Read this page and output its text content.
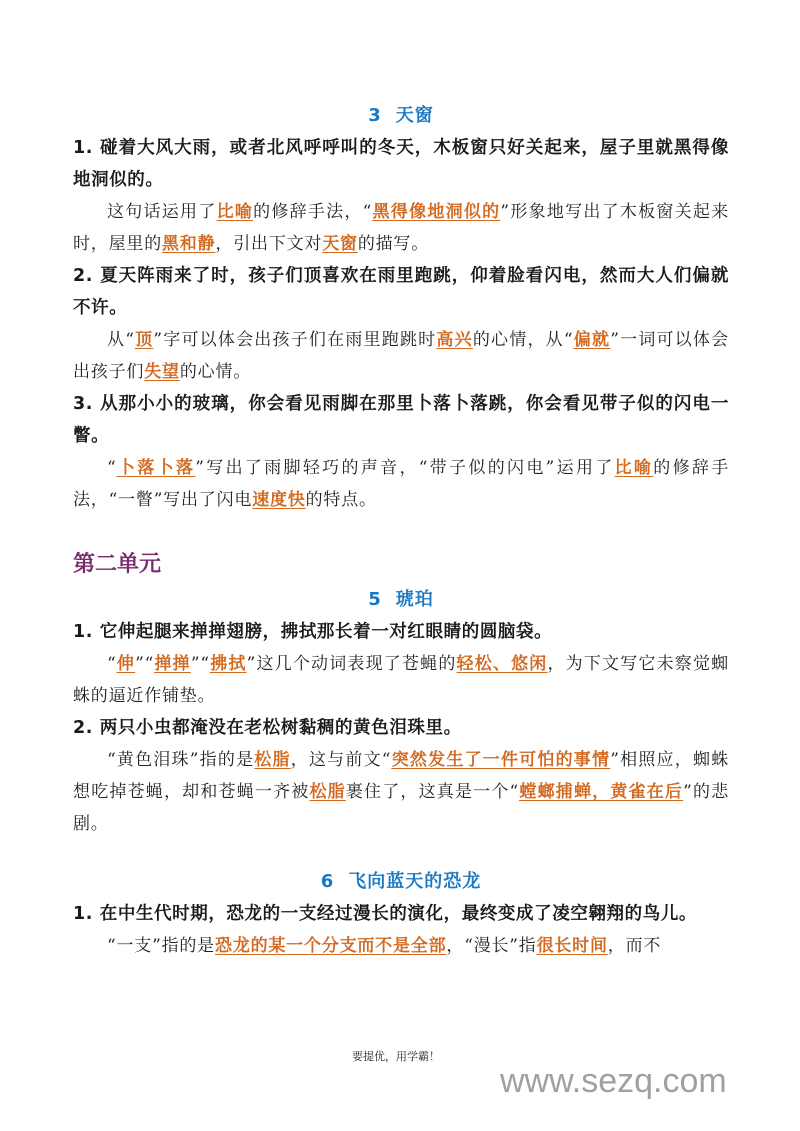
3 天窗
1. 碰着大风大雨，或者北风呼呼叫的冬天，木板窗只好关起来，屋子里就黑得像地洞似的。
这句话运用了比喻的修辞手法，“黑得像地洞似的”形象地写出了木板窗关起来时，屋里的黑和静，引出下文对天窗的描写。
2. 夏天阵雨来了时，孩子们顶喜欢在雨里跑跳，仰着脸看闪电，然而大人们偏就不许。
从“顶”字可以体会出孩子们在雨里跑跳时高兴的心情，从“偏就”一词可以体会出孩子们失望的心情。
3. 从那小小的玻璃，你会看见雨脚在那里卜落卜落跳，你会看见带子似的闪电一瞥。
“卜落卜落”写出了雨脚轻巧的声音，“带子似的闪电”运用了比喻的修辞手法，“一瞥”写出了闪电速度快的特点。
第二单元
5 琥珀
1. 它伸起腿来掸掸翅膀，拂拭那长着一对红眼睛的圆脑袋。
“伸”“掸掸”“拂拭”这几个动词表现了苍蝇的轻松、悠闲，为下文写它未察觉蜘蛛的逼近作铺垫。
2. 两只小虫都淹没在老松树黏稠的黄色泪珠里。
“黄色泪珠”指的是松脂，这与前文“突然发生了一件可怕的事情”相照应，蜘蛛想吃掉苍蝇，却和苍蝇一齐被松脂裹住了，这真是一个“螳螂捕蝉，黄雀在后”的悲剧。
6 飞向蓝天的恐龙
1. 在中生代时期，恐龙的一支经过漫长的演化，最终变成了凌空翱翔的鸟儿。
“一支”指的是恐龙的某一个分支而不是全部，“漫长”指很长时间，而不
要提优，用学霸！
www.sezq.com
